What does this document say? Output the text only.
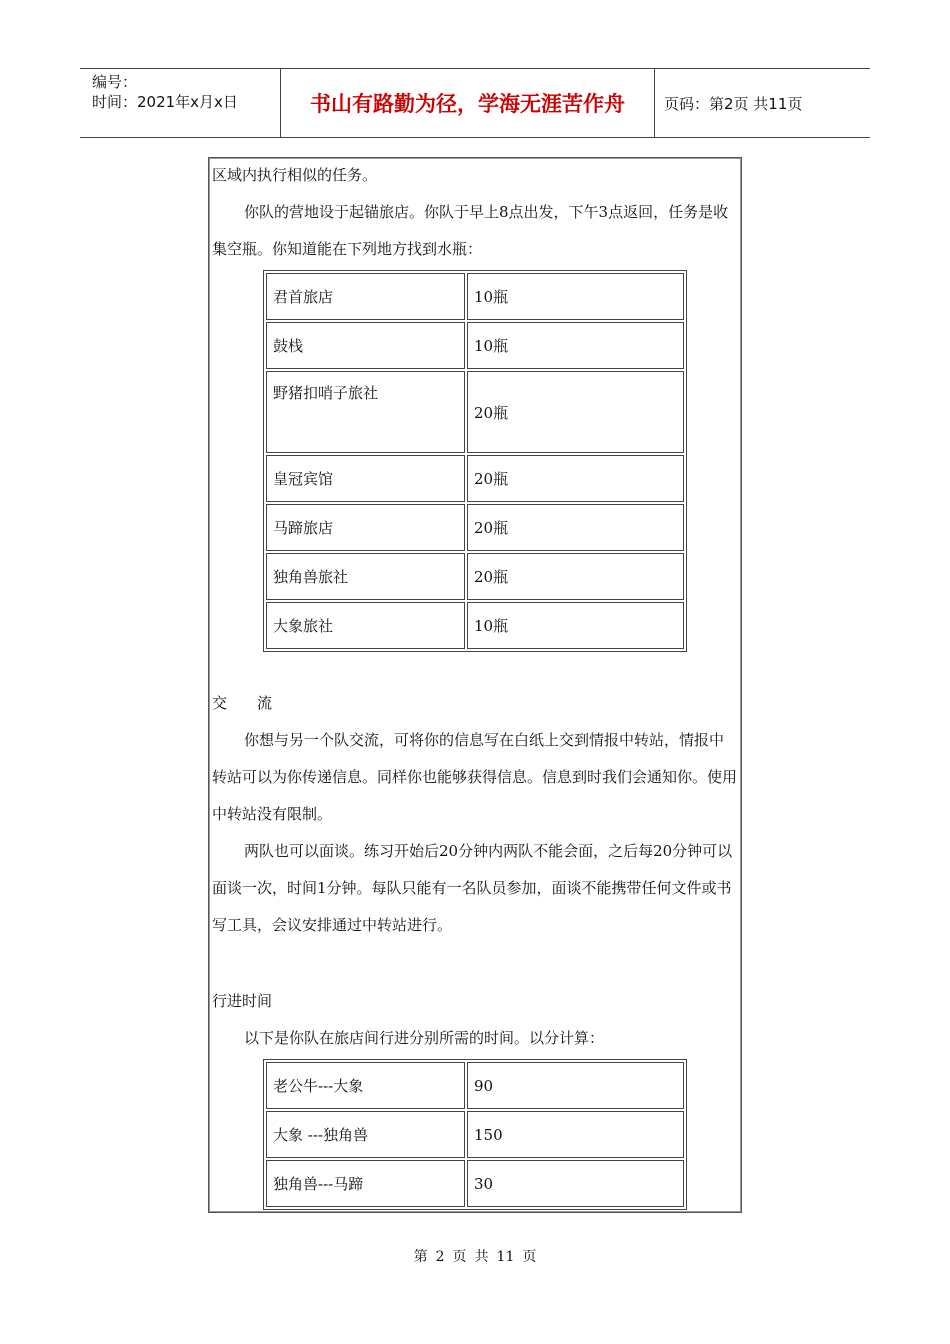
编号：
时间：2021年x月x日	书山有路勤为径，学海无涯苦作舟	页码：第2页 共11页

区域内执行相似的任务。

你队的营地设于起锚旅店。你队于早上8点出发，下午3点返回，任务是收集空瓶。你知道能在下列地方找到水瓶：

君首旅店	10瓶
鼓栈	10瓶
野猪扣哨子旅社	20瓶
皇冠宾馆	20瓶
马蹄旅店	20瓶
独角兽旅社	20瓶
大象旅社	10瓶

交　　流

你想与另一个队交流，可将你的信息写在白纸上交到情报中转站，情报中转站可以为你传递信息。同样你也能够获得信息。信息到时我们会通知你。使用中转站没有限制。

两队也可以面谈。练习开始后20分钟内两队不能会面，之后每20分钟可以面谈一次，时间1分钟。每队只能有一名队员参加，面谈不能携带任何文件或书写工具，会议安排通过中转站进行。

行进时间

以下是你队在旅店间行进分别所需的时间。以分计算：

老公牛---大象	90
大象 ---独角兽	150
独角兽---马蹄	30
第 2 页 共 11 页
